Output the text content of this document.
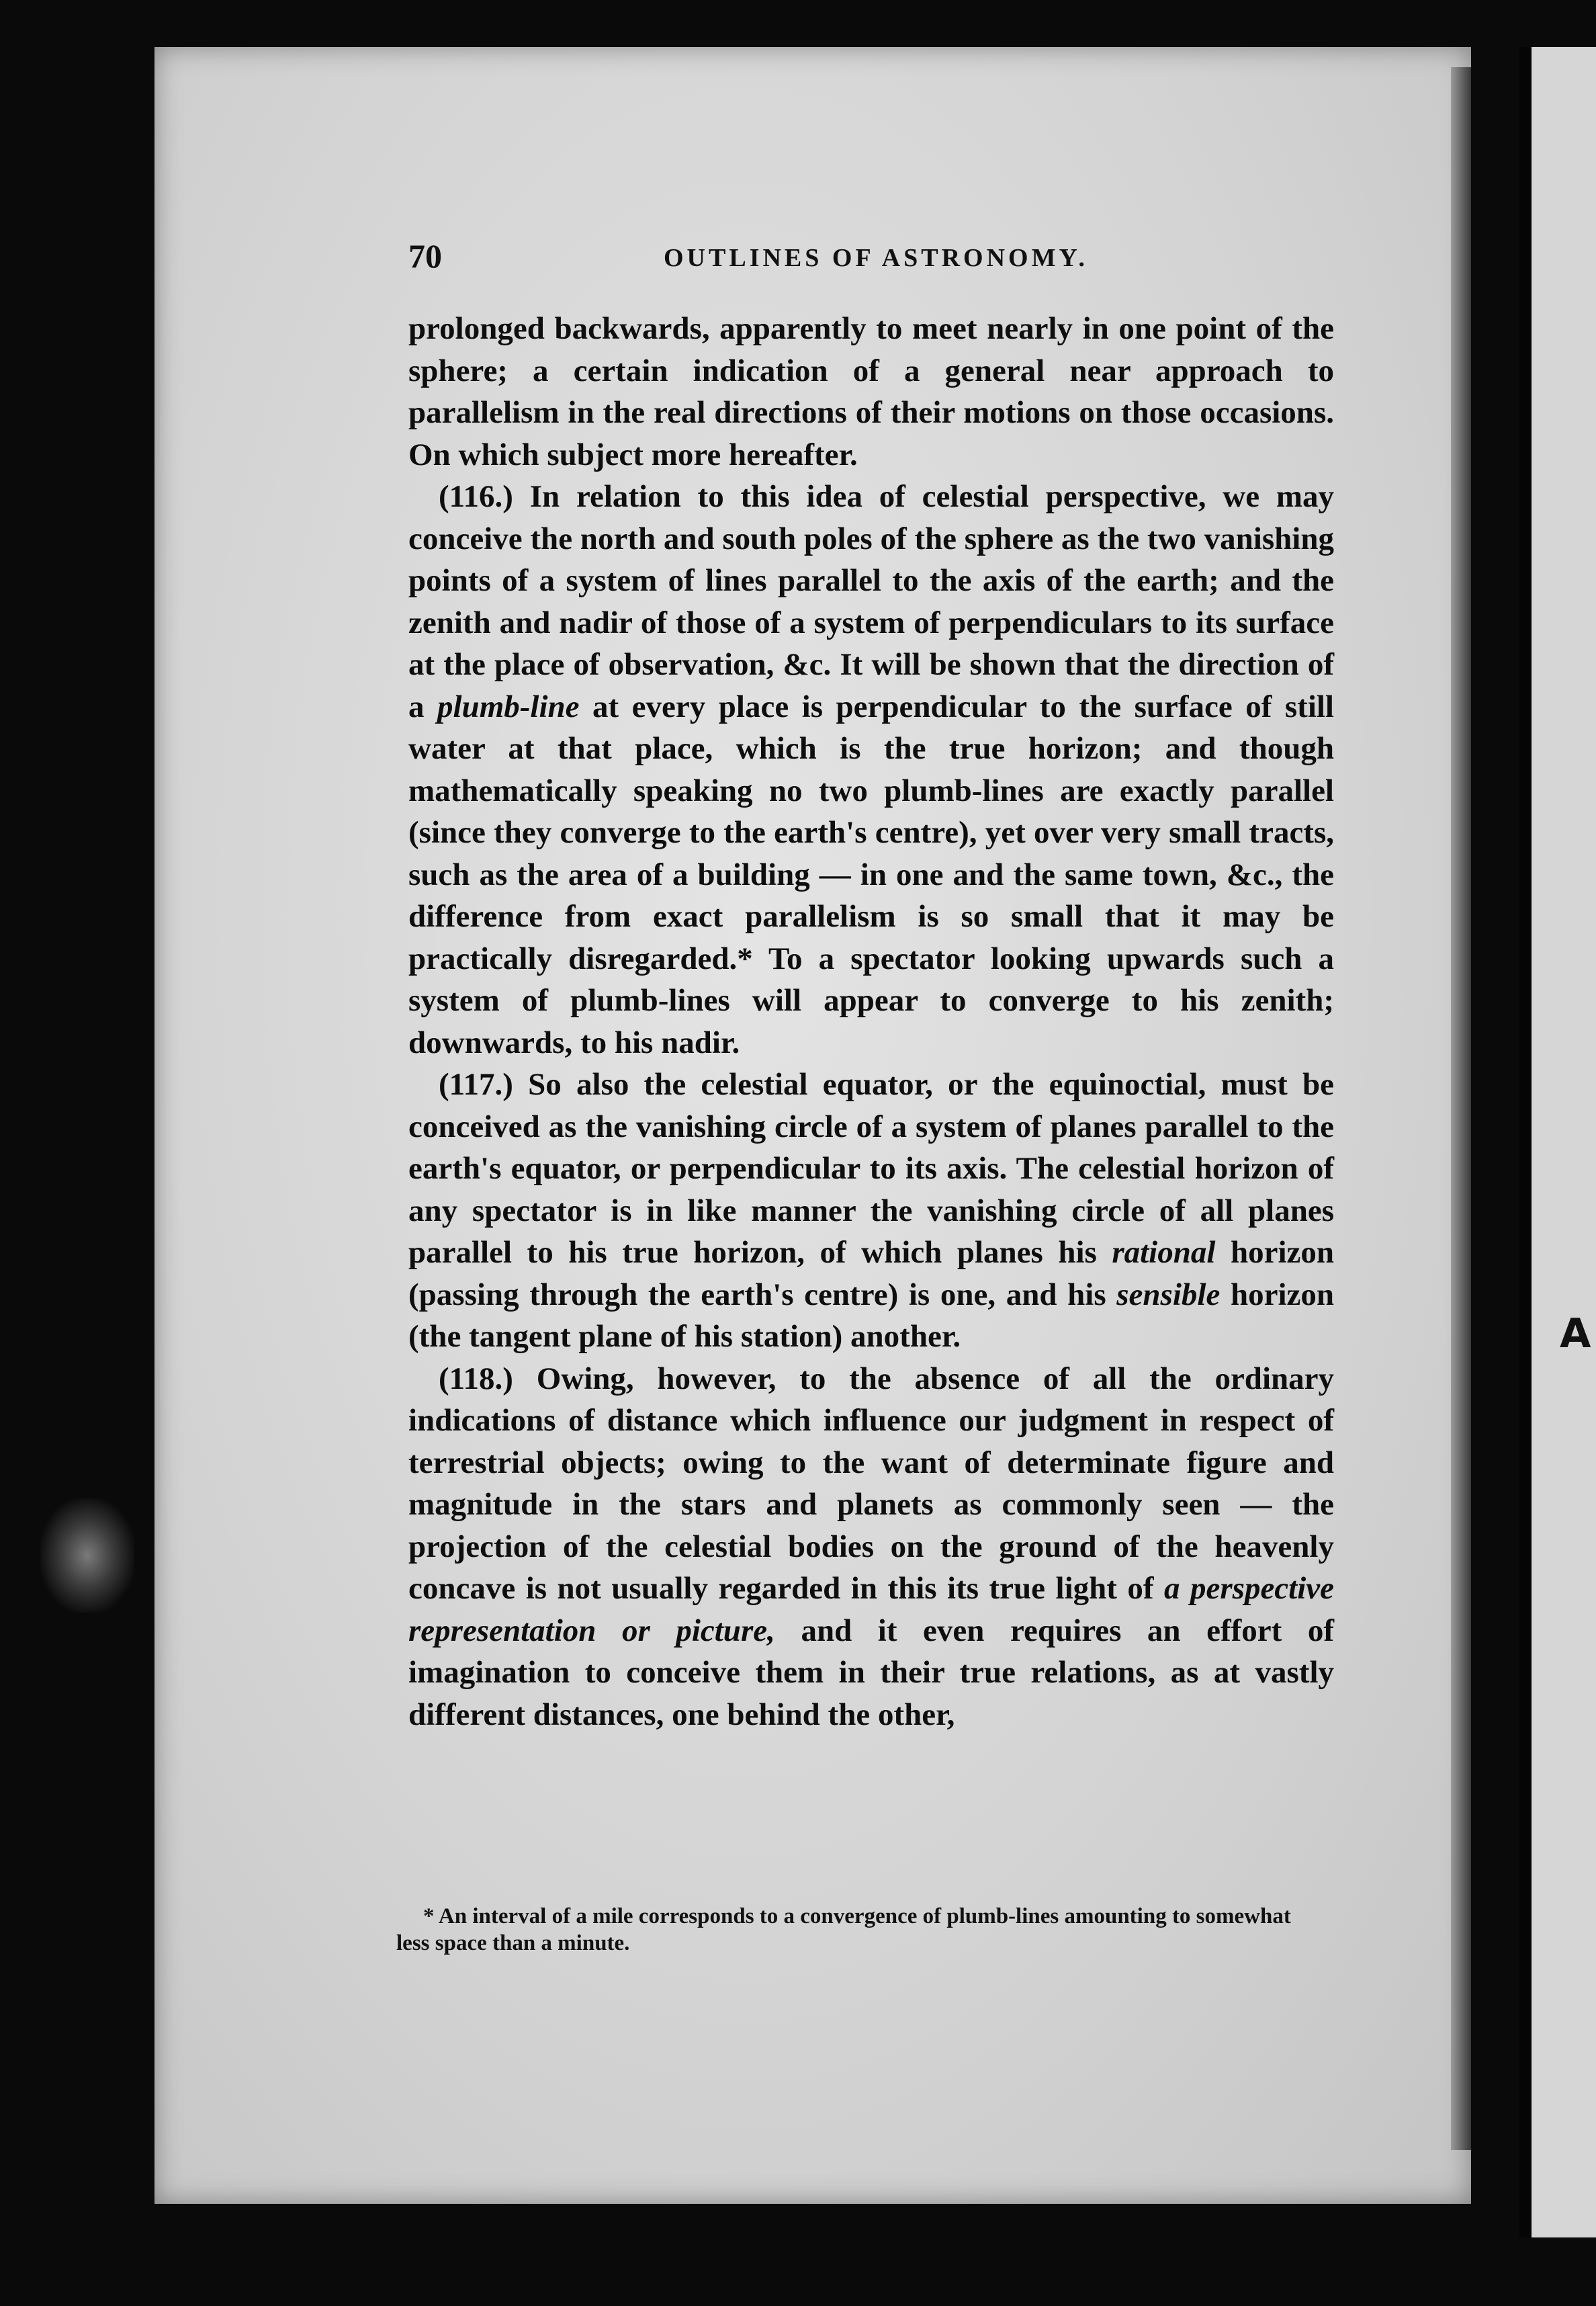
A
70	OUTLINES OF ASTRONOMY.

prolonged backwards, apparently to meet nearly in one point of the sphere; a certain indication of a general near approach to parallelism in the real directions of their motions on those occasions. On which subject more hereafter.

(116.) In relation to this idea of celestial perspective, we may conceive the north and south poles of the sphere as the two vanishing points of a system of lines parallel to the axis of the earth; and the zenith and nadir of those of a system of perpendiculars to its surface at the place of observation, &c. It will be shown that the direction of a plumb-line at every place is perpendicular to the surface of still water at that place, which is the true horizon; and though mathematically speaking no two plumb-lines are exactly parallel (since they converge to the earth's centre), yet over very small tracts, such as the area of a building — in one and the same town, &c., the difference from exact parallelism is so small that it may be practically disregarded.* To a spectator looking upwards such a system of plumb-lines will appear to converge to his zenith; downwards, to his nadir.

(117.) So also the celestial equator, or the equinoctial, must be conceived as the vanishing circle of a system of planes parallel to the earth's equator, or perpendicular to its axis. The celestial horizon of any spectator is in like manner the vanishing circle of all planes parallel to his true horizon, of which planes his rational horizon (passing through the earth's centre) is one, and his sensible horizon (the tangent plane of his station) another.

(118.) Owing, however, to the absence of all the ordinary indications of distance which influence our judgment in respect of terrestrial objects; owing to the want of determinate figure and magnitude in the stars and planets as commonly seen — the projection of the celestial bodies on the ground of the heavenly concave is not usually regarded in this its true light of a perspective representation or picture, and it even requires an effort of imagination to conceive them in their true relations, as at vastly different distances, one behind the other,

* An interval of a mile corresponds to a convergence of plumb-lines amounting to somewhat less space than a minute.
